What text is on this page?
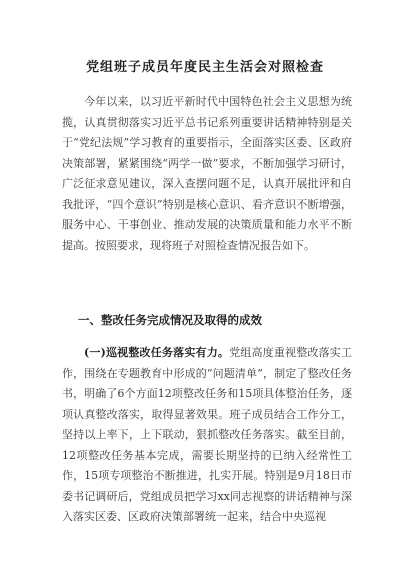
党组班子成员年度民主生活会对照检查

今年以来，以习近平新时代中国特色社会主义思想为统揽，认真贯彻落实习近平总书记系列重要讲话精神特别是关于“党纪法规”学习教育的重要指示，全面落实区委、区政府决策部署，紧紧围绕“两学一做”要求，不断加强学习研讨，广泛征求意见建议，深入查摆问题不足，认真开展批评和自我批评，“四个意识”特别是核心意识、看齐意识不断增强，服务中心、干事创业、推动发展的决策质量和能力水平不断提高。按照要求，现将班子对照检查情况报告如下。

一、整改任务完成情况及取得的成效

(一)巡视整改任务落实有力。党组高度重视整改落实工作，围绕在专题教育中形成的“问题清单”，制定了整改任务书，明确了6个方面12项整改任务和15项具体整治任务，逐项认真整改落实，取得显著效果。班子成员结合工作分工，坚持以上率下，上下联动，狠抓整改任务落实。截至目前，12项整改任务基本完成，需要长期坚持的已纳入经常性工作，15项专项整治不断推进，扎实开展。特别是9月18日市委书记调研后，党组成员把学习xx同志视察的讲话精神与深入落实区委、区政府决策部署统一起来，结合中央巡视
